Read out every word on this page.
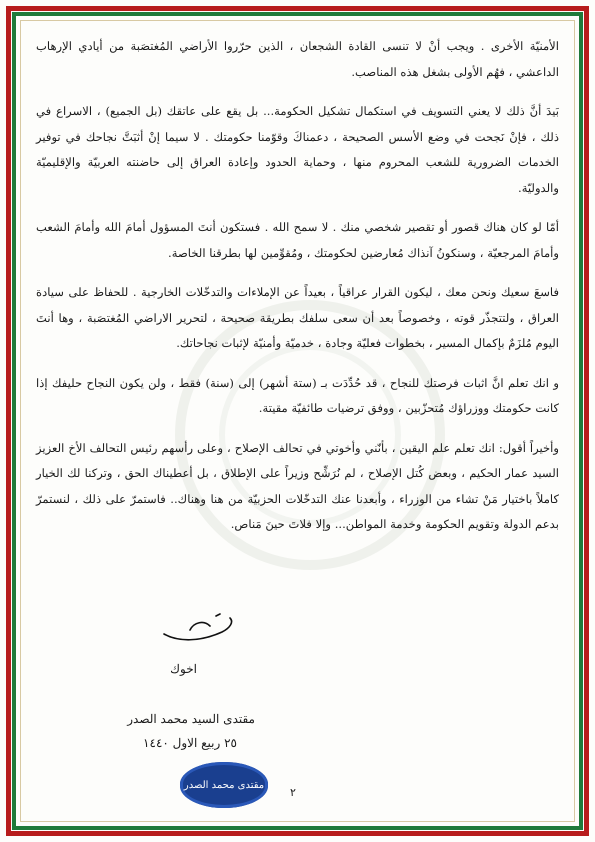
الأمنيّة الأخرى . ويجب أنْ لا تنسى القادة الشجعان ، الذين حرّروا الأراضي المُغتصَبة من أيادي الإرهاب الداعشي ، فهُم الأولى بشغل هذه المناصب.

بَيدَ أنَّ ذلك لا يعني التسويف في استكمال تشكيل الحكومة... بل يقع على عاتقك (بل الجميع) ، الاسراع في ذلك ، فإنْ نَجحت في وضع الأسس الصحيحة ، دعمناكَ وقوّمنا حكومتك . لا سيما إنْ أثبَتَّ نجاحك في توفير الخدمات الضرورية للشعب المحروم منها ، وحماية الحدود وإعادة العراق إلى حاضنته العربيّة والإقليميّة والدوليّة.

أمّا لو كان هناك قصور أو تقصير شخصي منك . لا سمح الله . فستكون أنتَ المسؤول أمامَ الله وأمامَ الشعب وأمامَ المرجعيّة ، وسنكونُ آنذاك مُعارضين لحكومتك ، ومُقوِّمين لها بطرقنا الخاصة.

فاسعَ سعيك ونحن معك ، ليكون القرار عراقياً ، بعيداً عن الإملاءات والتدخّلات الخارجية . للحفاظ على سيادة العراق ، ولتتجذّر قوته ، وخصوصاً بعد أن سعى سلفك بطريقة صحيحة ، لتحرير الاراضي المُغتصَبة ، وها أنتَ اليوم مُلزَمٌ بإكمال المسير ، بخطوات فعليّة وجادة ، خدميّة وأمنيّة لإثبات نجاحاتك.

و انك تعلم انَّ اثبات فرصتك للنجاح ، قد حُدِّدَت بـ (ستة أشهر) إلى (سنة) فقط ، ولن يكون النجاح حليفك إذا كانت حكومتك ووزراؤك مُتحزّبين ، ووفق ترضيات طائفيّة مقيتة.

وأخيراً أقول: انك تعلم علم اليقين ، بأنّني وأخوتي في تحالف الإصلاح ، وعلى رأسهم رئيس التحالف الأخ العزيز السيد عمار الحكيم ، وبعض كُتل الإصلاح ، لم نُرَشِّح وزيراً على الإطلاق ، بل أعطيناك الحق ، وتركنا لك الخيار كاملاً باختيار مَنْ تشاء من الوزراء ، وأبعدنا عنك التدخّلات الحزبيّة من هنا وهناك.. فاستمرّ على ذلك ، لنستمرّ بدعم الدولة وتقويم الحكومة وخدمة المواطن... وإلا فلاتَ حينَ مَناص.

اخوك
مقتدى السيد محمد الصدر
٢٥ ربيع الاول ١٤٤٠
مقتدى محمد الصدر
٢
